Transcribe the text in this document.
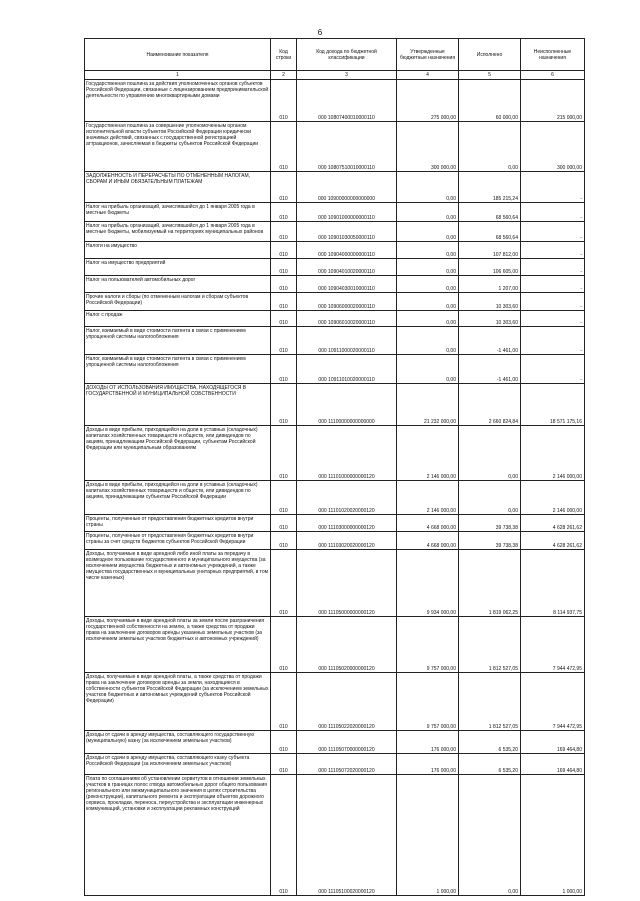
6
Наименование показателя	Код строки	Код дохода по бюджетной классификации	Утвержденные бюджетные назначения	Исполнено	Неисполненные назначения
1	2	3	4	5	6
Государственная пошлина за действия уполномоченных органов субъектов Российской Федерации, связанные с лицензированием предпринимательской деятельности по управлению многоквартирными домами	010	000 10807400010000110	275 000,00	60 000,00	215 000,00
Государственная пошлина за совершение уполномоченным органом исполнительной власти субъектов Российской Федерации юридически значимых действий, связанных с государственной регистрацией аттракционов, зачисляемая в бюджеты субъектов Российской Федерации	010	000 10807510010000110	300 000,00	0,00	300 000,00
ЗАДОЛЖЕННОСТЬ И ПЕРЕРАСЧЕТЫ ПО ОТМЕНЕННЫМ НАЛОГАМ, СБОРАМ И ИНЫМ ОБЯЗАТЕЛЬНЫМ ПЛАТЕЖАМ	010	000 10900000000000000	0,00	185 215,24	-
Налог на прибыль организаций, зачислявшийся до 1 января 2005 года в местные бюджеты	010	000 10901000000000110	0,00	68 560,64	-
Налог на прибыль организаций, зачислявшийся до 1 января 2005 года в местные бюджеты, мобилизуемый на территориях муниципальных районов	010	000 10901030050000110	0,00	68 560,64	-
Налоги на имущество	010	000 10904000000000110	0,00	107 812,00	-
Налог на имущество предприятий	010	000 10904010020000110	0,00	106 605,00	-
Налог на пользователей автомобильных дорог	010	000 10904030010000110	0,00	1 207,00	-
Прочие налоги и сборы (по отмененным налогам и сборам субъектов Российской Федерации)	010	000 10906000020000110	0,00	10 303,60	-
Налог с продаж	010	000 10906010020000110	0,00	10 303,60	-
Налог, взимаемый в виде стоимости патента в связи с применением упрощенной системы налогообложения	010	000 10911000020000110	0,00	-1 461,00	-
Налог, взимаемый в виде стоимости патента в связи с применением упрощенной системы налогообложения	010	000 10911010020000110	0,00	-1 461,00	-
ДОХОДЫ ОТ ИСПОЛЬЗОВАНИЯ ИМУЩЕСТВА, НАХОДЯЩЕГОСЯ В ГОСУДАРСТВЕННОЙ И МУНИЦИПАЛЬНОЙ СОБСТВЕННОСТИ	010	000 11100000000000000	21 232 000,00	2 660 824,84	18 571 175,16
Доходы в виде прибыли, приходящейся на доли в уставных (складочных) капиталах хозяйственных товариществ и обществ, или дивидендов по акциям, принадлежащим Российской Федерации, субъектам Российской Федерации или муниципальным образованиям	010	000 11101000000000120	2 146 000,00	0,00	2 146 000,00
Доходы в виде прибыли, приходящейся на доли в уставных (складочных) капиталах хозяйственных товариществ и обществ, или дивидендов по акциям, принадлежащим субъектам Российской Федерации	010	000 11101020020000120	2 146 000,00	0,00	2 146 000,00
Проценты, полученные от предоставления бюджетных кредитов внутри страны	010	000 11103000000000120	4 668 000,00	39 738,38	4 628 261,62
Проценты, полученные от предоставления бюджетных кредитов внутри страны за счет средств бюджетов субъектов Российской Федерации	010	000 11103020020000120	4 668 000,00	39 738,38	4 628 261,62
Доходы, получаемые в виде арендной либо иной платы за передачу в возмездное пользование государственного и муниципального имущества (за исключением имущества бюджетных и автономных учреждений, а также имущества государственных и муниципальных унитарных предприятий, в том числе казенных)	010	000 11105000000000120	9 934 000,00	1 819 062,25	8 114 937,75
Доходы, получаемые в виде арендной платы за земли после разграничения государственной собственности на землю, а также средства от продажи права на заключение договоров аренды указанных земельных участков (за исключением земельных участков бюджетных и автономных учреждений)	010	000 11105020000000120	9 757 000,00	1 812 527,05	7 944 472,95
Доходы, получаемые в виде арендной платы, а также средства от продажи права на заключение договоров аренды за земли, находящиеся в собственности субъектов Российской Федерации (за исключением земельных участков бюджетных и автономных учреждений субъектов Российской Федерации)	010	000 11105022020000120	9 757 000,00	1 812 527,05	7 944 472,95
Доходы от сдачи в аренду имущества, составляющего государственную (муниципальную) казну (за исключением земельных участков)	010	000 11105070000000120	176 000,00	6 535,20	169 464,80
Доходы от сдачи в аренду имущества, составляющего казну субъекта Российской Федерации (за исключением земельных участков)	010	000 11105072020000120	176 000,00	6 535,20	169 464,80
Плата по соглашениям об установлении сервитутов в отношении земельных участков в границах полос отвода автомобильных дорог общего пользования регионального или межмуниципального значения в целях строительства (реконструкции), капитального ремонта и эксплуатации объектов дорожного сервиса, прокладки, переноса, переустройства и эксплуатации инженерных коммуникаций, установки и эксплуатации рекламных конструкций	010	000 11105100020000120	1 000,00	0,00	1 000,00
